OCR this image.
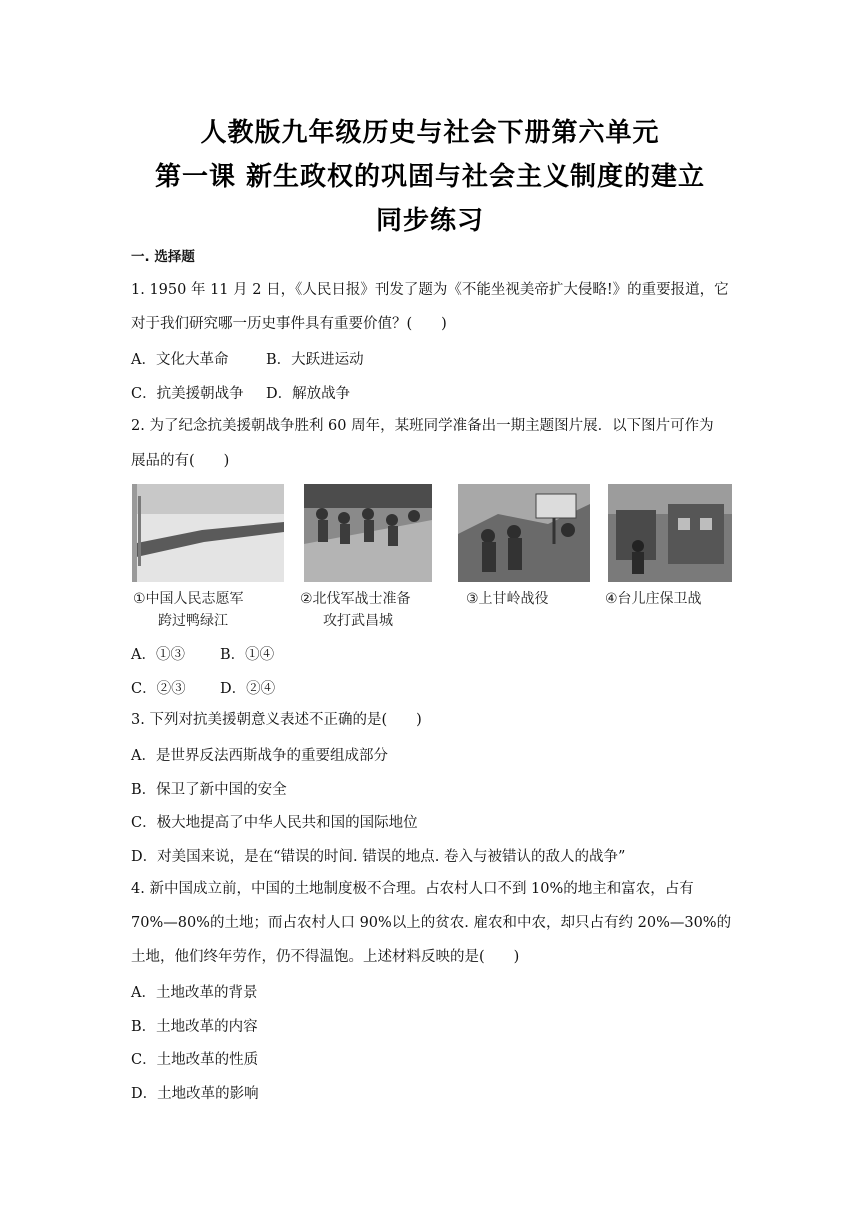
人教版九年级历史与社会下册第六单元
第一课 新生政权的巩固与社会主义制度的建立
同步练习
一. 选择题
1. 1950 年 11 月 2 日，《人民日报》刊发了题为《不能坐视美帝扩大侵略!》的重要报道，它
对于我们研究哪一历史事件具有重要价值？(　　)
A．文化大革命	B．大跃进运动
C．抗美援朝战争 D．解放战争
2. 为了纪念抗美援朝战争胜利 60 周年，某班同学准备出一期主题图片展．以下图片可作为
展品的有(　　)
①中国人民志愿军
跨过鸭绿江
②北伐军战士准备
攻打武昌城
③上甘岭战役	④台儿庄保卫战
A．①③ B．①④
C．②③ D．②④
3. 下列对抗美援朝意义表述不正确的是(　　)
A．是世界反法西斯战争的重要组成部分
B．保卫了新中国的安全
C．极大地提高了中华人民共和国的国际地位
D．对美国来说，是在“错误的时间. 错误的地点. 卷入与被错认的敌人的战争”
4. 新中国成立前，中国的土地制度极不合理。占农村人口不到 10%的地主和富农，占有
70%—80%的土地；而占农村人口 90%以上的贫农. 雇农和中农，却只占有约 20%—30%的
土地，他们终年劳作，仍不得温饱。上述材料反映的是(　　)
A．土地改革的背景
B．土地改革的内容
C．土地改革的性质
D．土地改革的影响
